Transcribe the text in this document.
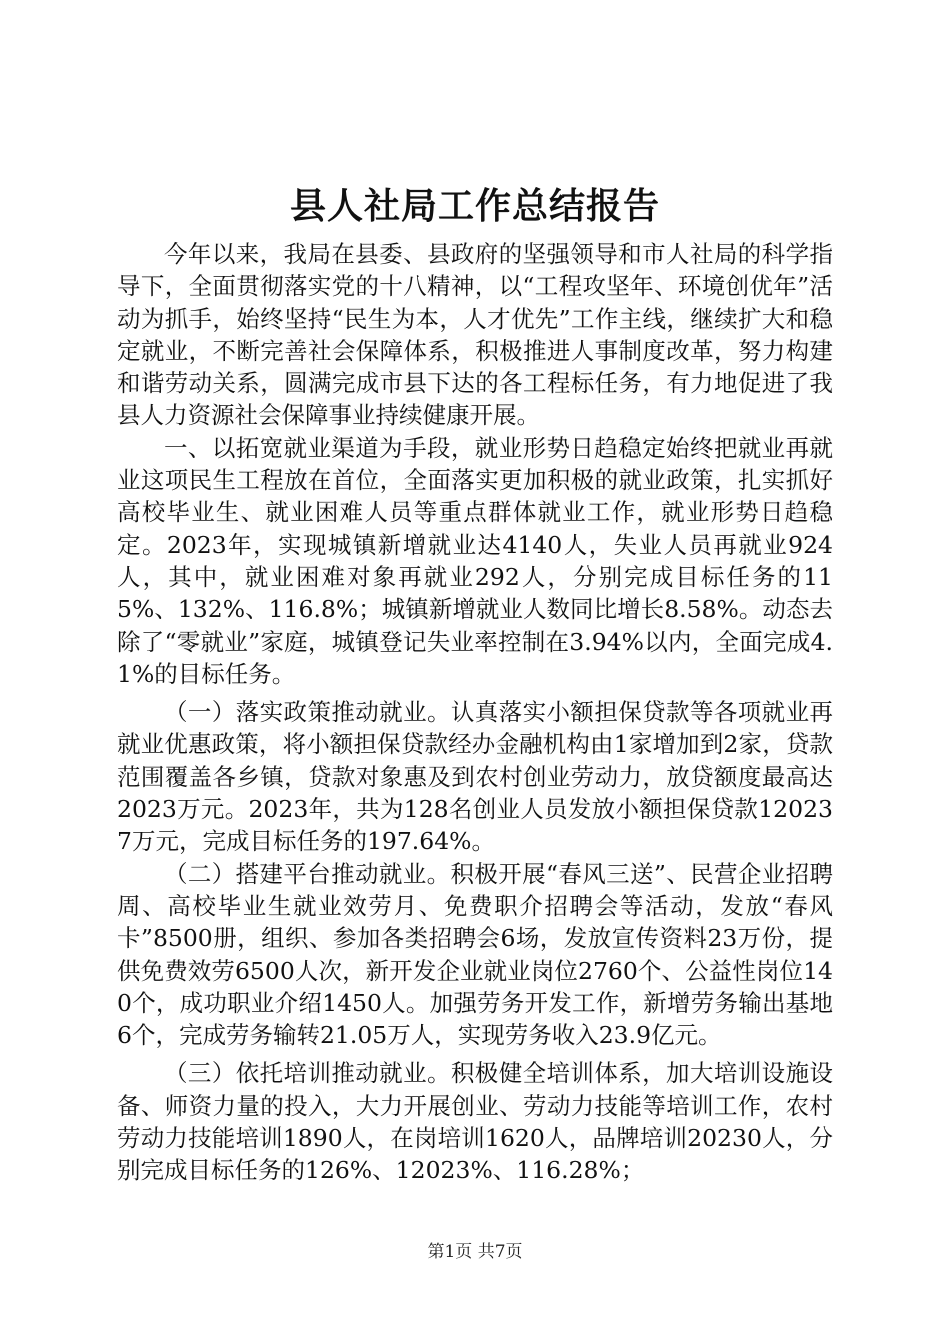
县人社局工作总结报告

今年以来，我局在县委、县政府的坚强领导和市人社局的科学指导下，全面贯彻落实党的十八精神，以“工程攻坚年、环境创优年”活动为抓手，始终坚持“民生为本，人才优先”工作主线，继续扩大和稳定就业，不断完善社会保障体系，积极推进人事制度改革，努力构建和谐劳动关系，圆满完成市县下达的各工程标任务，有力地促进了我县人力资源社会保障事业持续健康开展。

一、以拓宽就业渠道为手段，就业形势日趋稳定始终把就业再就业这项民生工程放在首位，全面落实更加积极的就业政策，扎实抓好高校毕业生、就业困难人员等重点群体就业工作，就业形势日趋稳定。2023年，实现城镇新增就业达4140人，失业人员再就业924人，其中，就业困难对象再就业292人，分别完成目标任务的115%、132%、116.8%；城镇新增就业人数同比增长8.58%。动态去除了“零就业”家庭，城镇登记失业率控制在3.94%以内，全面完成4.1%的目标任务。

（一）落实政策推动就业。认真落实小额担保贷款等各项就业再就业优惠政策，将小额担保贷款经办金融机构由1家增加到2家，贷款范围覆盖各乡镇，贷款对象惠及到农村创业劳动力，放贷额度最高达2023万元。2023年，共为128名创业人员发放小额担保贷款120237万元，完成目标任务的197.64%。

（二）搭建平台推动就业。积极开展“春风三送”、民营企业招聘周、高校毕业生就业效劳月、免费职介招聘会等活动，发放“春风卡”8500册，组织、参加各类招聘会6场，发放宣传资料23万份，提供免费效劳6500人次，新开发企业就业岗位2760个、公益性岗位140个，成功职业介绍1450人。加强劳务开发工作，新增劳务输出基地6个，完成劳务输转21.05万人，实现劳务收入23.9亿元。

（三）依托培训推动就业。积极健全培训体系，加大培训设施设备、师资力量的投入，大力开展创业、劳动力技能等培训工作，农村劳动力技能培训1890人，在岗培训1620人，品牌培训20230人，分别完成目标任务的126%、12023%、116.28%；

第1页 共7页
